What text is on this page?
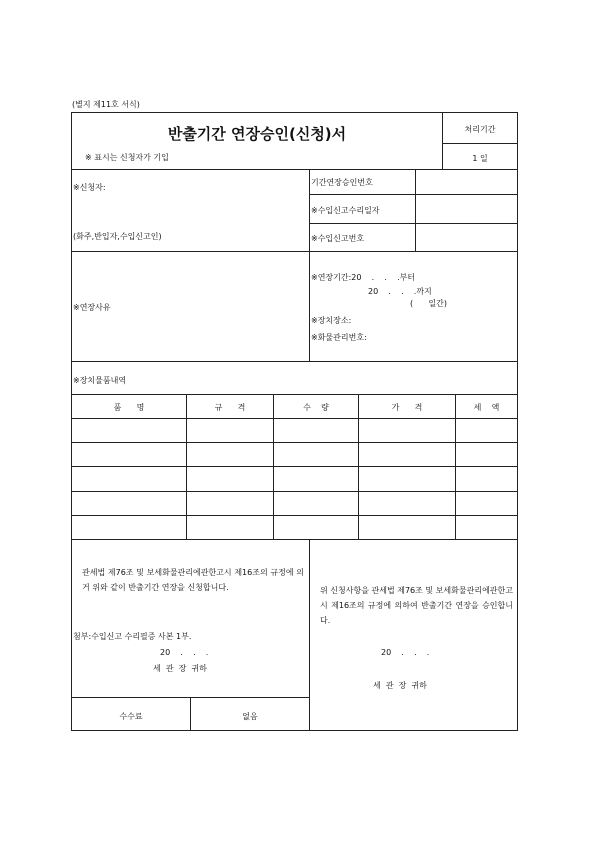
(별지 제11호 서식)
반출기간 연장승인(신청)서
※ 표시는 신청자가 기입
처리기간
1 일
※신청자:
(화주,반입자,수입신고인)
기간연장승인번호
※수입신고수리일자
※수입신고번호
※연장사유
※연장기간:20    .    .    .부터
20    .    .    .까지
(      일간)
※장치장소:
※화물관리번호:
※장치물품내역
품      명	규      격	수    량	가      격	세    액
관세법 제76조 및 보세화물관리에관한고시 제16조의 규정에 의거 위와 같이 반출기간 연장을 신청합니다.
첨부:수입신고 수리필증 사본 1부.
20    .    .    .
세  관  장  귀하
위 신청사항을 관세법 제76조 및 보세화물관리에관한고시 제16조의 규정에 의하여 반출기간 연장을 승인합니다.
20    .    .    .
세  관  장  귀하
수수료	없음
